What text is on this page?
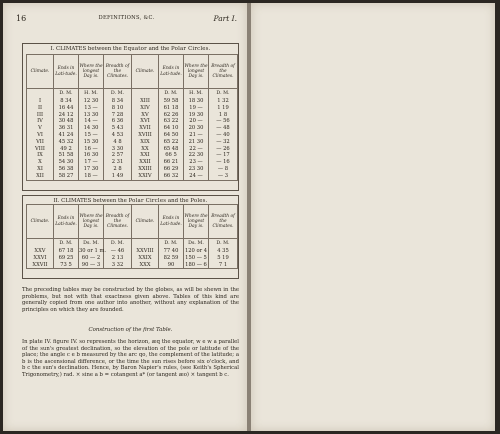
16	DEFINITIONS, &C.	Part I.
I. CLIMATES between the Equator and the Polar Circles.
Climate.	Ends in Lati-tude.	Where the longest Day is.	Breadth of the Climates.	Climate.	Ends in Lati-tude.	Where the longest Day is.	Breadth of the Climates.
	D. M.	H. M.	D. M.		D. M.	H. M.	D. M.
I	8 34	12 30	8 34	XIII	59 58	18 30	1 32
II	16 44	13 —	8 10	XIV	61 18	19 —	1 19
III	24 12	13 30	7 28	XV	62 26	19 30	1 8
IV	30 48	14 —	6 36	XVI	63 22	20 —	— 56
V	36 31	14 30	5 43	XVII	64 10	20 30	— 48
VI	41 24	15 —	4 53	XVIII	64 50	21 —	— 40
VII	45 32	15 30	4 8	XIX	65 22	21 30	— 32
VIII	49 2	16 —	3 30	XX	65 48	22 —	— 26
IX	51 58	16 30	2 57	XXI	66 5	22 30	— 17
X	54 30	17 —	2 31	XXII	66 21	23 —	— 16
XI	56 38	17 30	2 8	XXIII	66 29	23 30	— 8
XII	58 27	18 —	1 49	XXIV	66 32	24 —	— 3
II. CLIMATES between the Polar Circles and the Poles.
Climate.	Ends in Lati-tude.	Where the longest Day is.	Breadth of the Climates.	Climate.	Ends in Lati-tude.	Where the longest Day is.	Breadth of the Climates.
	D. M.	Ds. M.	D. M.		D. M.	Ds. M.	D. M.
XXV	67 18	30 or 1 m.	— 46	XXVIII	77 40	120 or 4	4 35
XXVI	69 25	60 — 2	2 13	XXIX	82 59	150 — 5	5 19
XXVII	73 5	90 — 3	3 32	XXX	90	180 — 6	7 1
The preceding tables may be constructed by the globes, as will be shewn in the problems, but not with that exactness given above. Tables of this kind are generally copied from one author into another, without any explanation of the principles on which they are founded.
Construction of the first Table.
In plate IV. figure IV. so represents the horizon, æq the equator, w e w a parallel of the sun's greatest declination, so the elevation of the pole or latitude of the place; the angle c e b measured by the arc qo, the complement of the latitude; a b is the ascensional difference, or the time the sun rises before six o'clock, and b c the sun's declination. Hence, by Baron Napier's rules, (see Keith's Spherical Trigonometry,) rad. × sine a b = cotangent a* (or tangent æo) × tangent b c.
